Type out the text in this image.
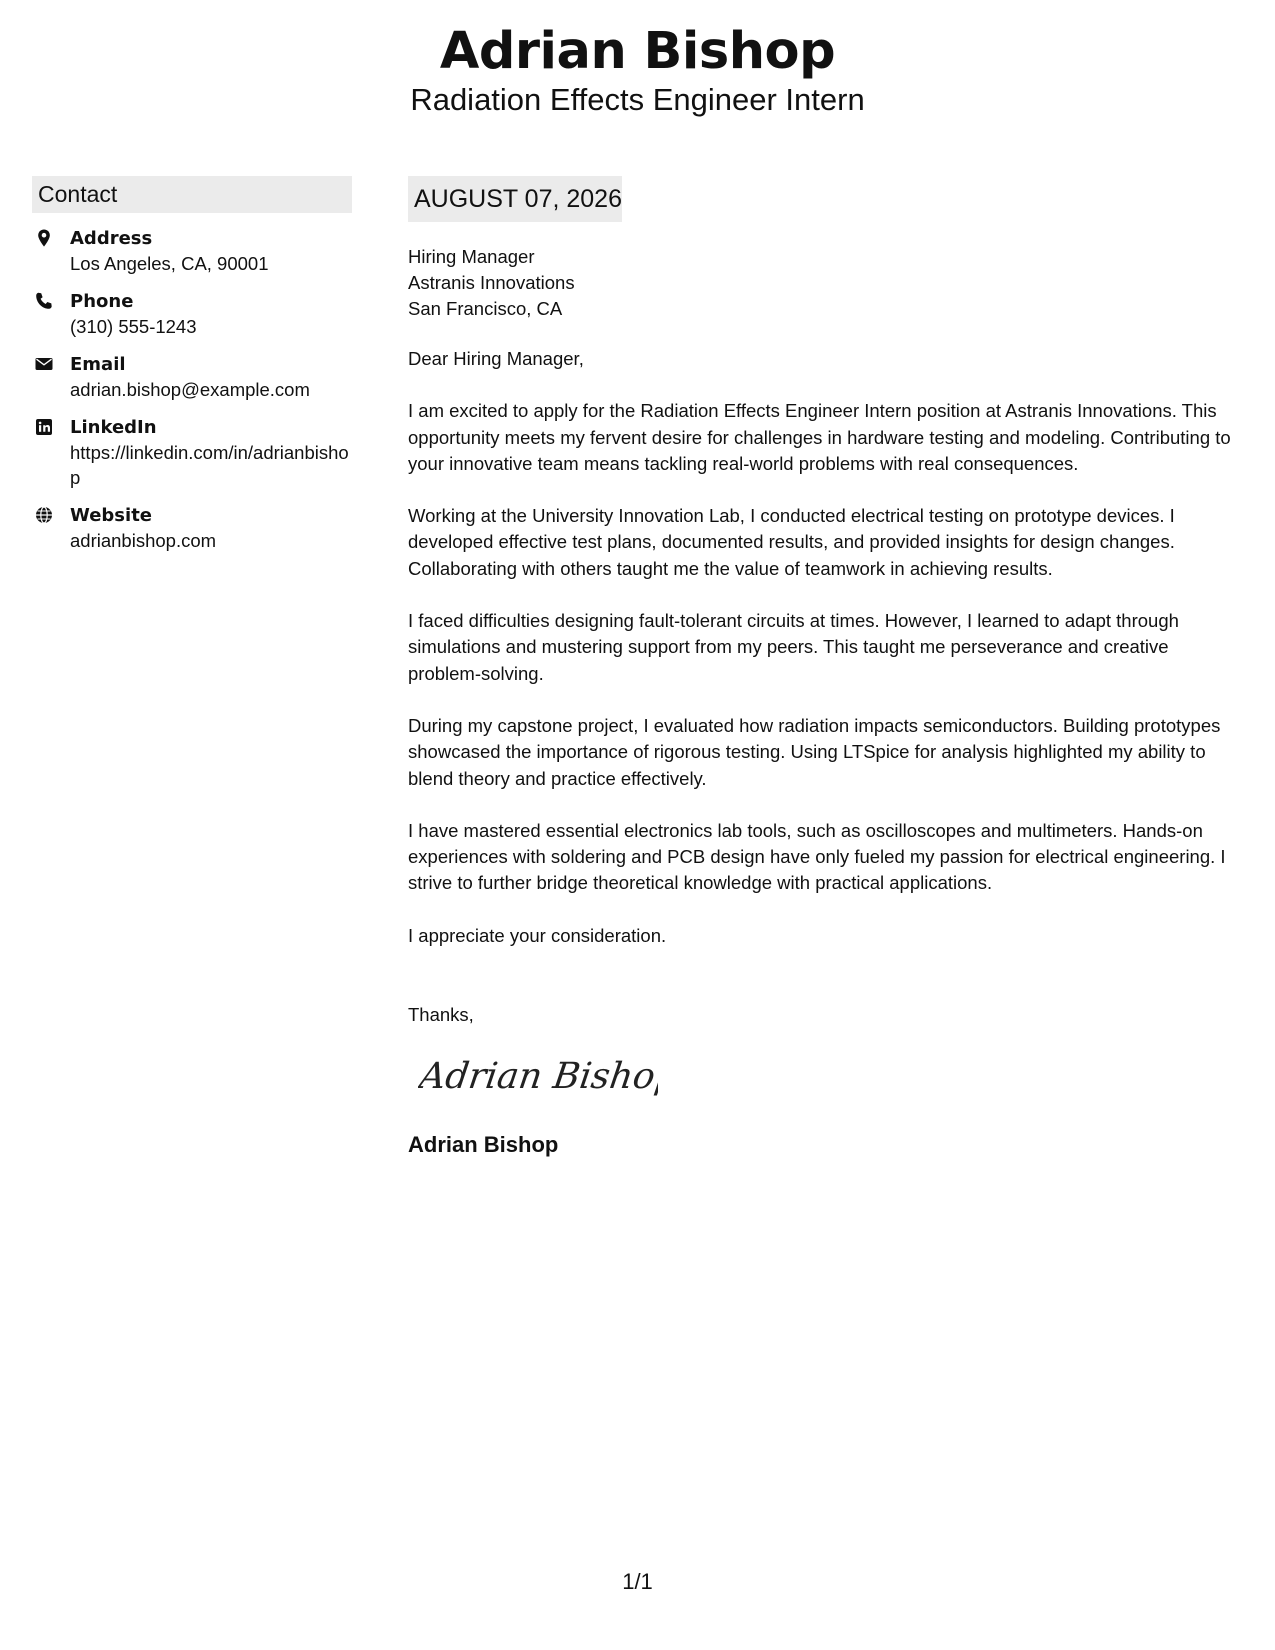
Adrian Bishop
Radiation Effects Engineer Intern
Contact
Address
Los Angeles, CA, 90001
Phone
(310) 555-1243
Email
adrian.bishop@example.com
LinkedIn
https://linkedin.com/in/adrianbishop
Website
adrianbishop.com
AUGUST 07, 2026
Hiring Manager
Astranis Innovations
San Francisco, CA

Dear Hiring Manager,

I am excited to apply for the Radiation Effects Engineer Intern position at Astranis Innovations. This opportunity meets my fervent desire for challenges in hardware testing and modeling. Contributing to your innovative team means tackling real-world problems with real consequences.

Working at the University Innovation Lab, I conducted electrical testing on prototype devices. I developed effective test plans, documented results, and provided insights for design changes. Collaborating with others taught me the value of teamwork in achieving results.

I faced difficulties designing fault-tolerant circuits at times. However, I learned to adapt through simulations and mustering support from my peers. This taught me perseverance and creative problem-solving.

During my capstone project, I evaluated how radiation impacts semiconductors. Building prototypes showcased the importance of rigorous testing. Using LTSpice for analysis highlighted my ability to blend theory and practice effectively.

I have mastered essential electronics lab tools, such as oscilloscopes and multimeters. Hands-on experiences with soldering and PCB design have only fueled my passion for electrical engineering. I strive to further bridge theoretical knowledge with practical applications.

I appreciate your consideration.

Thanks,
Adrian Bishop
Adrian Bishop
1/1
